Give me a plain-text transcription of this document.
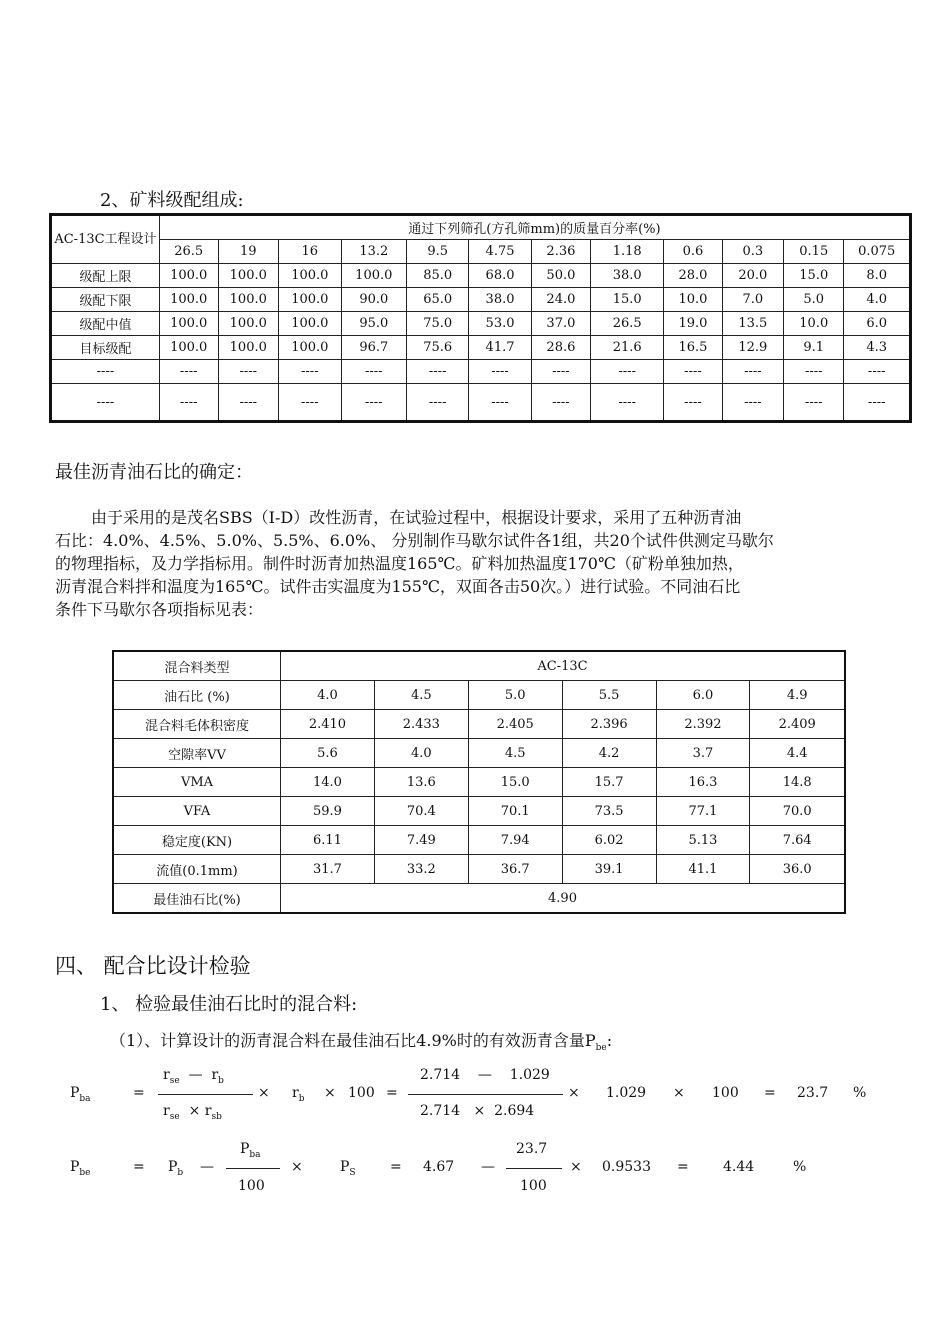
2、矿料级配组成:
AC-13C工程设计	通过下列筛孔(方孔筛mm)的质量百分率(%)											
	26.5	19	16	13.2	9.5	4.75	2.36	1.18	0.6	0.3	0.15	0.075
级配上限	100.0	100.0	100.0	100.0	85.0	68.0	50.0	38.0	28.0	20.0	15.0	8.0
级配下限	100.0	100.0	100.0	90.0	65.0	38.0	24.0	15.0	10.0	7.0	5.0	4.0
级配中值	100.0	100.0	100.0	95.0	75.0	53.0	37.0	26.5	19.0	13.5	10.0	6.0
目标级配	100.0	100.0	100.0	96.7	75.6	41.7	28.6	21.6	16.5	12.9	9.1	4.3
----	----	----	----	----	----	----	----	----	----	----	----	----
----	----	----	----	----	----	----	----	----	----	----	----	----
最佳沥青油石比的确定：
由于采用的是茂名SBS（I-D）改性沥青，在试验过程中，根据设计要求，采用了五种沥青油
石比：4.0%、4.5%、5.0%、5.5%、6.0%、 分别制作马歇尔试件各1组，共20个试件供测定马歇尔
的物理指标，及力学指标用。制件时沥青加热温度165℃。矿料加热温度170℃（矿粉单独加热，
沥青混合料拌和温度为165℃。试件击实温度为155℃，双面各击50次。）进行试验。不同油石比
条件下马歇尔各项指标见表：
混合料类型	AC-13C					
油石比 (%)	4.0	4.5	5.0	5.5	6.0	4.9
混合料毛体积密度	2.410	2.433	2.405	2.396	2.392	2.409
空隙率VV	5.6	4.0	4.5	4.2	3.7	4.4
VMA	14.0	13.6	15.0	15.7	16.3	14.8
VFA	59.9	70.4	70.1	73.5	77.1	70.0
稳定度(KN)	6.11	7.49	7.94	6.02	5.13	7.64
流值(0.1mm)	31.7	33.2	36.7	39.1	41.1	36.0
最佳油石比(%)	4.90					
四、 配合比设计检验
1、 检验最佳油石比时的混合料:
（1）、计算设计的沥青混合料在最佳油石比4.9%时的有效沥青含量$P_{be}$:
$P_{ba}$	=
$r_{se}$ — $r_b$
$r_{se} \times r_{sb}$
× $r_b \times 100$ =
2.714 — 1.029
2.714 × 2.694
× 1.029 × 100 = 23.7 %
$P_{be}$	= $P_b$ —
$P_{ba}$
100
×	$P_S = 4.67$ —
23.7
100
× 0.9533 = 4.44	%
